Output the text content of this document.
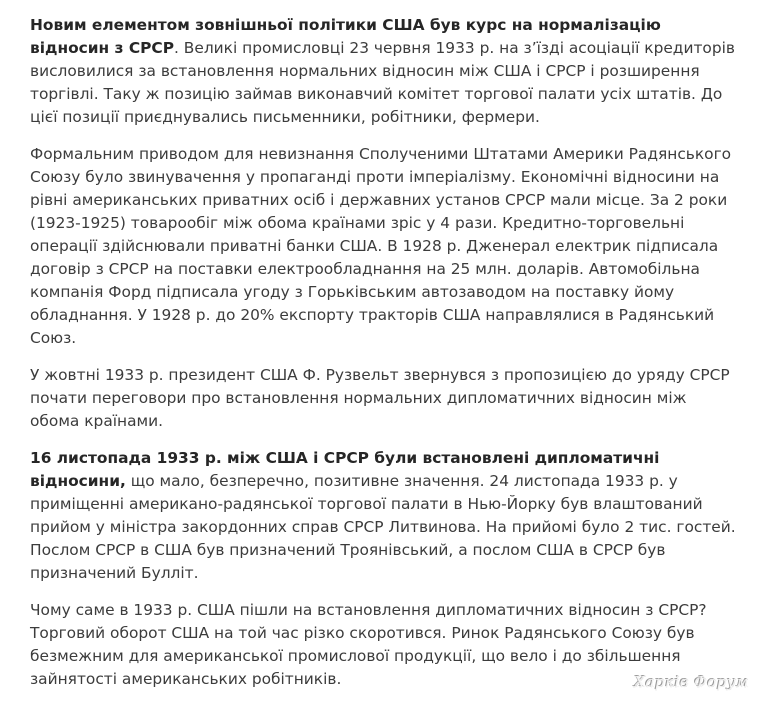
Новим елементом зовнішньої політики США був курс на нормалізацію відносин з СРСР. Великі промисловці 23 червня 1933 р. на з’їзді асоціації кредиторів висловилися за встановлення нормальних відносин між США і СРСР і розширення торгівлі. Таку ж позицію займав виконавчий комітет торгової палати усіх штатів. До цієї позиції приєднувались письменники, робітники, фермери.

Формальним приводом для невизнання Сполученими Штатами Америки Радянського Союзу було звинувачення у пропаганді проти імперіалізму. Економічні відносини на рівні американських приватних осіб і державних установ СРСР мали місце. За 2 роки (1923-1925) товарообіг між обома країнами зріс у 4 рази. Кредитно-торговельні операції здійснювали приватні банки США. В 1928 р. Дженерал електрик підписала договір з СРСР на поставки електрообладнання на 25 млн. доларів. Автомобільна компанія Форд підписала угоду з Горьківським автозаводом на поставку йому обладнання. У 1928 р. до 20% експорту тракторів США направлялися в Радянський Союз.

У жовтні 1933 р. президент США Ф. Рузвельт звернувся з пропозицією до уряду СРСР почати переговори про встановлення нормальних дипломатичних відносин між обома країнами.

16 листопада 1933 р. між США і СРСР були встановлені дипломатичні відносини, що мало, безперечно, позитивне значення. 24 листопада 1933 р. у приміщенні американо-радянської торгової палати в Нью-Йорку був влаштований прийом у міністра закордонних справ СРСР Литвинова. На прийомі було 2 тис. гостей. Послом СРСР в США був призначений Троянівський, а послом США в СРСР був призначений Булліт.

Чому саме в 1933 р. США пішли на встановлення дипломатичних відносин з СРСР? Торговий оборот США на той час різко скоротився. Ринок Радянського Союзу був безмежним для американської промислової продукції, що вело і до збільшення зайнятості американських робітників.	Харків Форум
